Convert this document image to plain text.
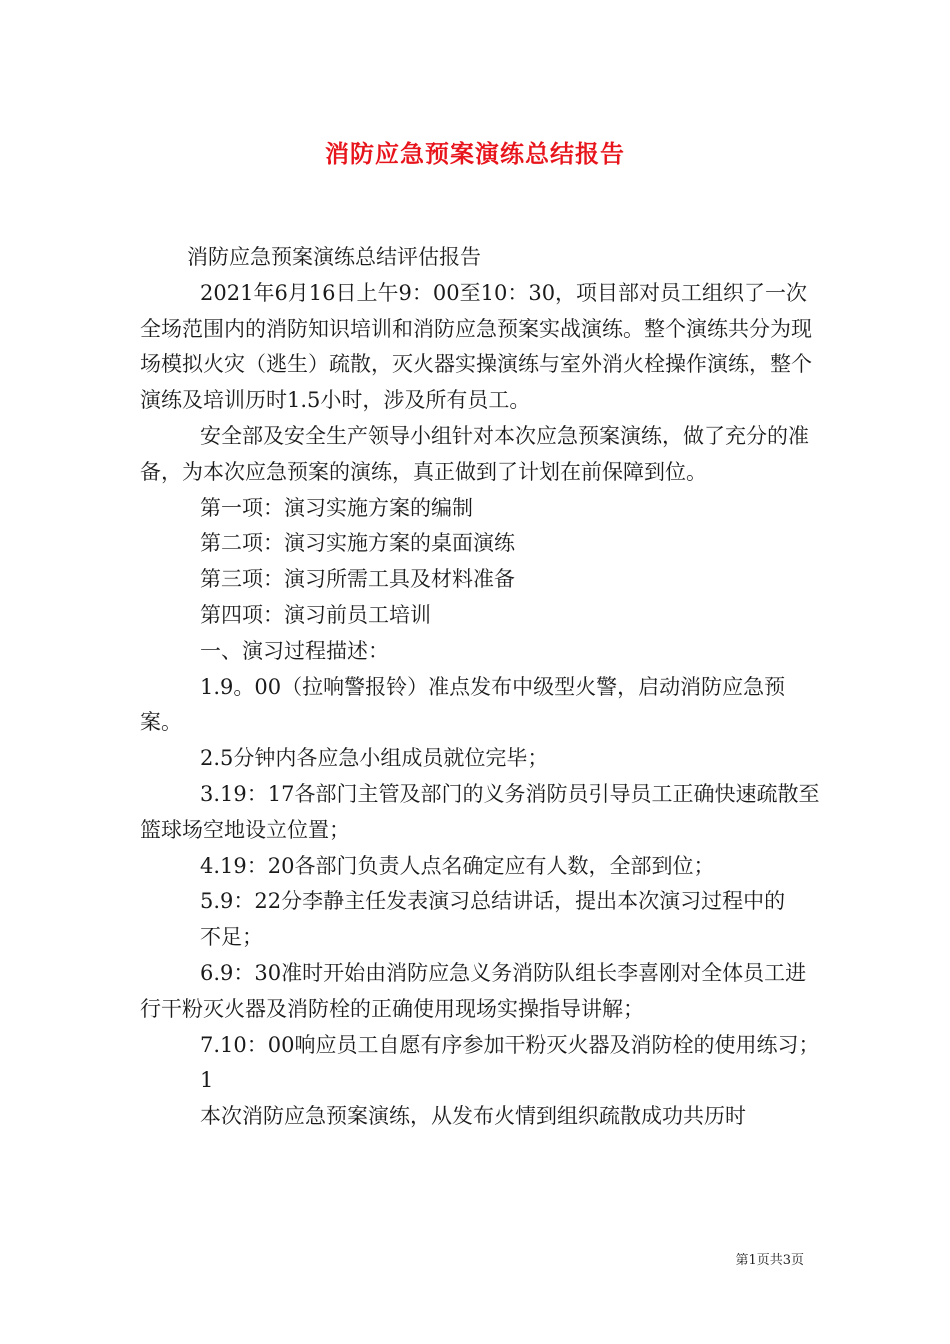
消防应急预案演练总结报告

消防应急预案演练总结评估报告

2021年6月16日上午9：00至10：30，项目部对员工组织了一次全场范围内的消防知识培训和消防应急预案实战演练。整个演练共分为现场模拟火灾（逃生）疏散，灭火器实操演练与室外消火栓操作演练，整个演练及培训历时1.5小时，涉及所有员工。

安全部及安全生产领导小组针对本次应急预案演练，做了充分的准备，为本次应急预案的演练，真正做到了计划在前保障到位。

第一项：演习实施方案的编制

第二项：演习实施方案的桌面演练

第三项：演习所需工具及材料准备

第四项：演习前员工培训

一、演习过程描述：

1.9。00（拉响警报铃）准点发布中级型火警，启动消防应急预案。

2.5分钟内各应急小组成员就位完毕；

3.19：17各部门主管及部门的义务消防员引导员工正确快速疏散至篮球场空地设立位置；

4.19：20各部门负责人点名确定应有人数，全部到位；

5.9：22分李静主任发表演习总结讲话，提出本次演习过程中的

不足；

6.9：30准时开始由消防应急义务消防队组长李喜刚对全体员工进行干粉灭火器及消防栓的正确使用现场实操指导讲解；

7.10：00响应员工自愿有序参加干粉灭火器及消防栓的使用练习；

1

本次消防应急预案演练，从发布火情到组织疏散成功共历时

第1页共3页
